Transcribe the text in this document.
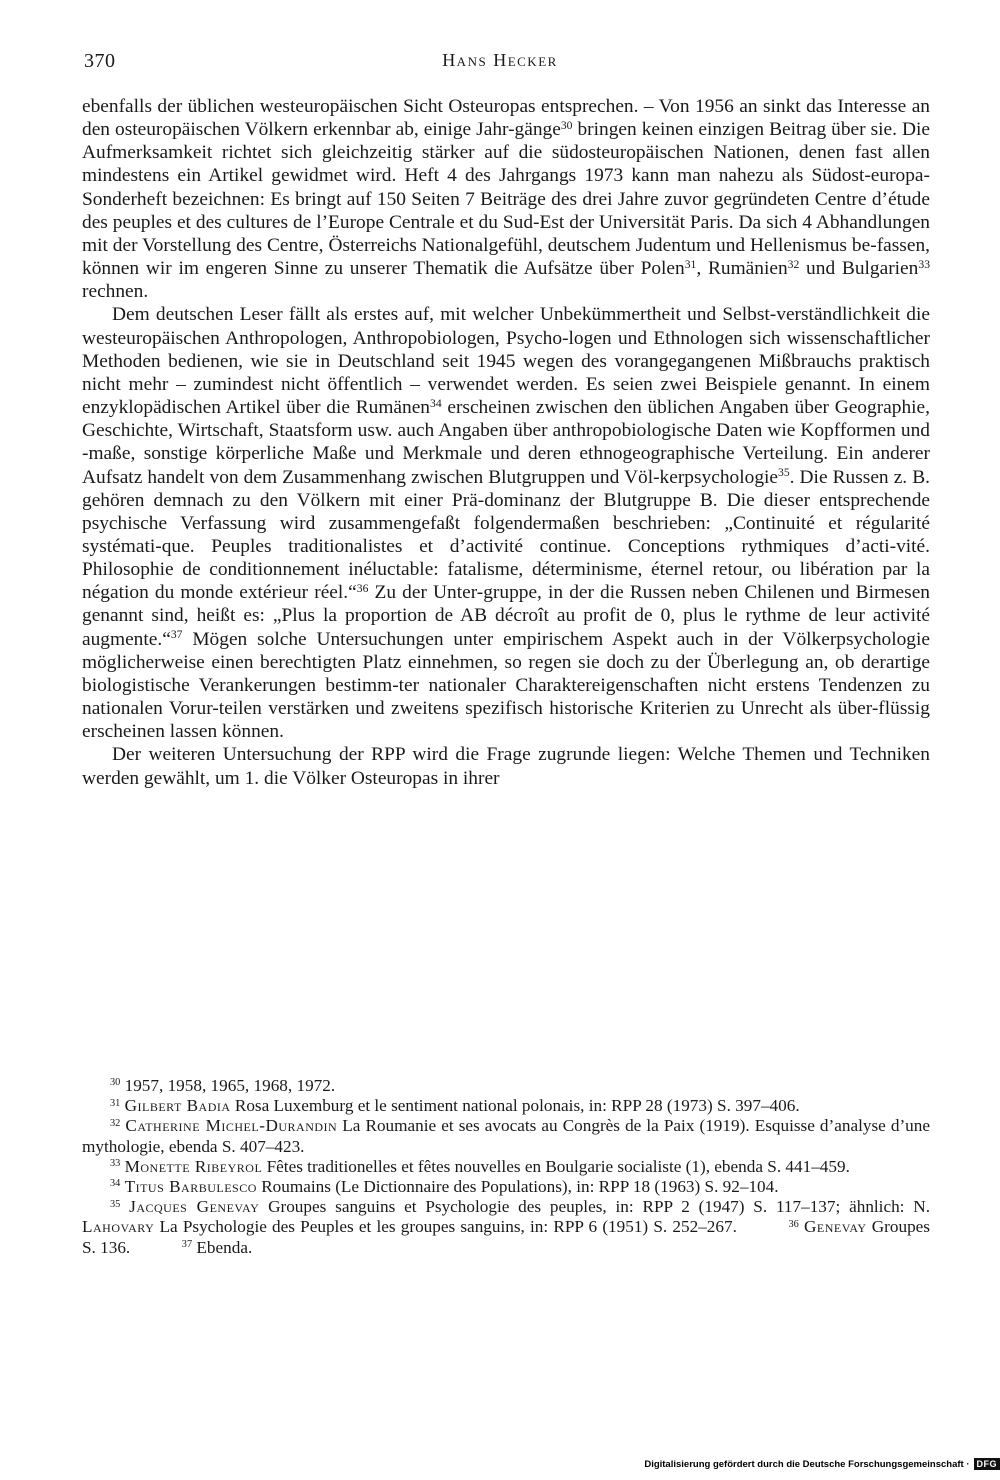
370	Hans Hecker

ebenfalls der üblichen westeuropäischen Sicht Osteuropas entsprechen. – Von 1956 an sinkt das Interesse an den osteuropäischen Völkern erkennbar ab, einige Jahr-gänge$^{30}$ bringen keinen einzigen Beitrag über sie. Die Aufmerksamkeit richtet sich gleichzeitig stärker auf die südosteuropäischen Nationen, denen fast allen mindestens ein Artikel gewidmet wird. Heft 4 des Jahrgangs 1973 kann man nahezu als Südost-europa-Sonderheft bezeichnen: Es bringt auf 150 Seiten 7 Beiträge des drei Jahre zuvor gegründeten Centre d’étude des peuples et des cultures de l’Europe Centrale et du Sud-Est der Universität Paris. Da sich 4 Abhandlungen mit der Vorstellung des Centre, Österreichs Nationalgefühl, deutschem Judentum und Hellenismus be-fassen, können wir im engeren Sinne zu unserer Thematik die Aufsätze über Polen$^{31}$, Rumänien$^{32}$ und Bulgarien$^{33}$ rechnen.

Dem deutschen Leser fällt als erstes auf, mit welcher Unbekümmertheit und Selbst-verständlichkeit die westeuropäischen Anthropologen, Anthropobiologen, Psycho-logen und Ethnologen sich wissenschaftlicher Methoden bedienen, wie sie in Deutschland seit 1945 wegen des vorangegangenen Mißbrauchs praktisch nicht mehr – zumindest nicht öffentlich – verwendet werden. Es seien zwei Beispiele genannt. In einem enzyklopädischen Artikel über die Rumänen$^{34}$ erscheinen zwischen den üblichen Angaben über Geographie, Geschichte, Wirtschaft, Staatsform usw. auch Angaben über anthropobiologische Daten wie Kopfformen und -maße, sonstige körperliche Maße und Merkmale und deren ethnogeographische Verteilung. Ein anderer Aufsatz handelt von dem Zusammenhang zwischen Blutgruppen und Völ-kerpsychologie$^{35}$. Die Russen z. B. gehören demnach zu den Völkern mit einer Prä-dominanz der Blutgruppe B. Die dieser entsprechende psychische Verfassung wird zusammengefaßt folgendermaßen beschrieben: „Continuité et régularité systémati-que. Peuples traditionalistes et d’activité continue. Conceptions rythmiques d’acti-vité. Philosophie de conditionnement inéluctable: fatalisme, déterminisme, éternel retour, ou libération par la négation du monde extérieur réel.“$^{36}$ Zu der Unter-gruppe, in der die Russen neben Chilenen und Birmesen genannt sind, heißt es: „Plus la proportion de AB décroît au profit de 0, plus le rythme de leur activité augmente.“$^{37}$ Mögen solche Untersuchungen unter empirischem Aspekt auch in der Völkerpsychologie möglicherweise einen berechtigten Platz einnehmen, so regen sie doch zu der Überlegung an, ob derartige biologistische Verankerungen bestimm-ter nationaler Charaktereigenschaften nicht erstens Tendenzen zu nationalen Vorur-teilen verstärken und zweitens spezifisch historische Kriterien zu Unrecht als über-flüssig erscheinen lassen können.

Der weiteren Untersuchung der RPP wird die Frage zugrunde liegen: Welche Themen und Techniken werden gewählt, um 1. die Völker Osteuropas in ihrer

$^{30}$ 1957, 1958, 1965, 1968, 1972.

$^{31}$ Gilbert Badia Rosa Luxemburg et le sentiment national polonais, in: RPP 28 (1973) S. 397–406.

$^{32}$ Catherine Michel-Durandin La Roumanie et ses avocats au Congrès de la Paix (1919). Esquisse d’analyse d’une mythologie, ebenda S. 407–423.

$^{33}$ Monette Ribeyrol Fêtes traditionelles et fêtes nouvelles en Boulgarie socialiste (1), ebenda S. 441–459.

$^{34}$ Titus Barbulesco Roumains (Le Dictionnaire des Populations), in: RPP 18 (1963) S. 92–104.

$^{35}$ Jacques Genevay Groupes sanguins et Psychologie des peuples, in: RPP 2 (1947) S. 117–137; ähnlich: N. Lahovary La Psychologie des Peuples et les groupes sanguins, in: RPP 6 (1951) S. 252–267.   	$^{36}$ Genevay Groupes S. 136.   	$^{37}$ Ebenda.

Digitalisierung gefördert durch die Deutsche Forschungsgemeinschaft · DFG
